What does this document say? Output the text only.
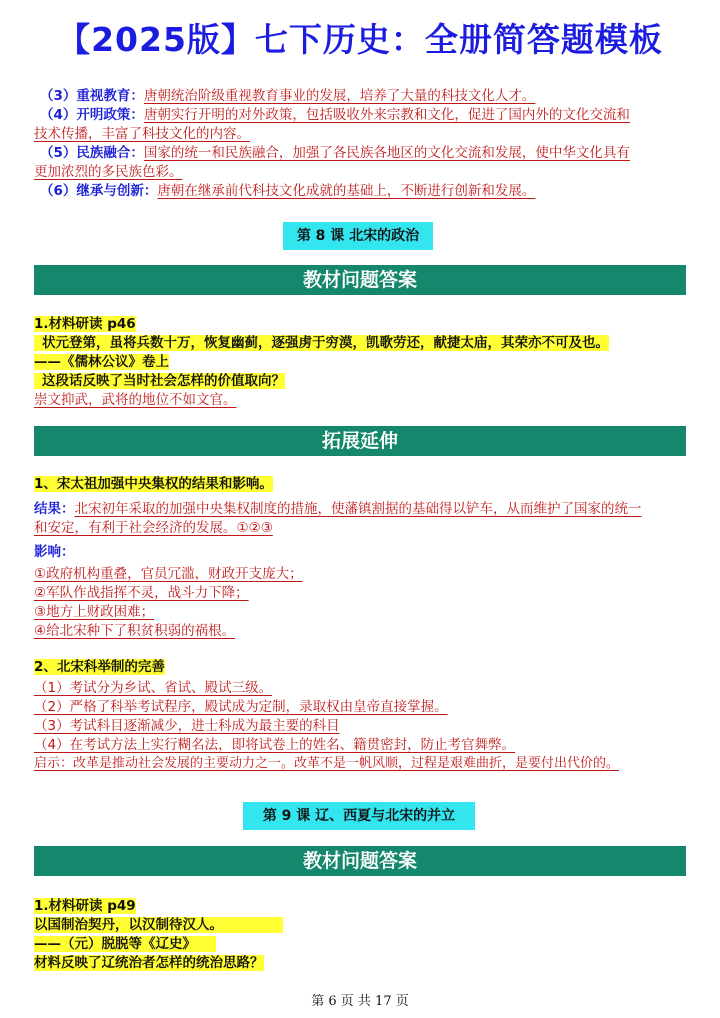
【2025版】七下历史：全册简答题模板
（3）重视教育：唐朝统治阶级重视教育事业的发展，培养了大量的科技文化人才。
（4）开明政策：唐朝实行开明的对外政策，包括吸收外来宗教和文化，促进了国内外的文化交流和
技术传播，丰富了科技文化的内容。
（5）民族融合：国家的统一和民族融合，加强了各民族各地区的文化交流和发展，使中华文化具有
更加浓烈的多民族色彩。
（6）继承与创新：唐朝在继承前代科技文化成就的基础上，不断进行创新和发展。
第 8 课 北宋的政治
教材问题答案
1.材料研读 p46
状元登第，虽将兵数十万，恢复幽蓟，逐强虏于穷漠，凯歌劳还，献捷太庙，其荣亦不可及也。
——《儒林公议》卷上
这段话反映了当时社会怎样的价值取向？
崇文抑武，武将的地位不如文官。
拓展延伸
1、宋太祖加强中央集权的结果和影响。
结果：北宋初年采取的加强中央集权制度的措施，使藩镇割据的基础得以铲车，从而维护了国家的统一
和安定，有利于社会经济的发展。①②③
影响：
①政府机构重叠，官员冗滥，财政开支庞大；
②军队作战指挥不灵，战斗力下降；
③地方上财政困难；
④给北宋种下了积贫积弱的祸根。
2、北宋科举制的完善
（1）考试分为乡试、省试、殿试三级。
（2）严格了科举考试程序，殿试成为定制，录取权由皇帝直接掌握。
（3）考试科目逐渐减少，进士科成为最主要的科目
（4）在考试方法上实行糊名法，即将试卷上的姓名、籍贯密封，防止考官舞弊。
启示：改革是推动社会发展的主要动力之一。改革不是一帆风顺，过程是艰难曲折，是要付出代价的。
第 9 课 辽、西夏与北宋的并立
教材问题答案
1.材料研读 p49
以国制治契丹，以汉制待汉人。
——（元）脱脱等《辽史》
材料反映了辽统治者怎样的统治思路？
第 6 页 共 17 页
